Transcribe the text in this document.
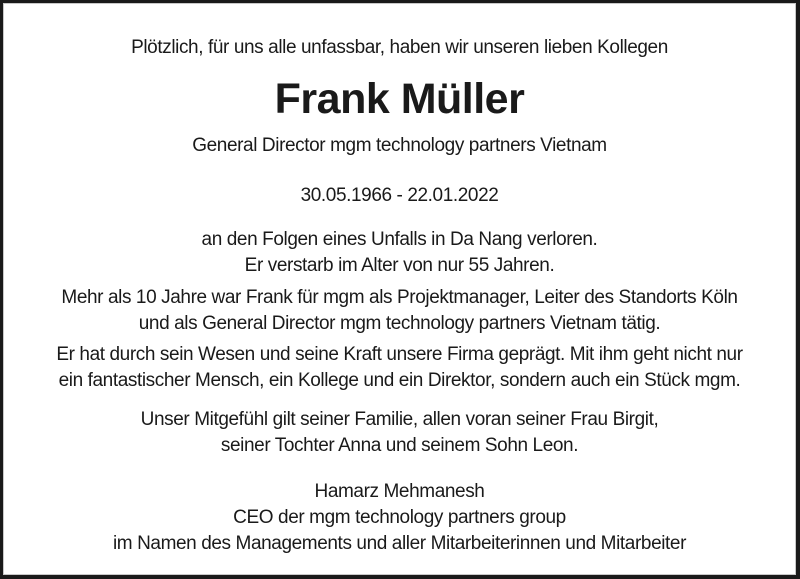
Plötzlich, für uns alle unfassbar, haben wir unseren lieben Kollegen
Frank Müller
General Director mgm technology partners Vietnam
30.05.1966 - 22.01.2022
an den Folgen eines Unfalls in Da Nang verloren.
Er verstarb im Alter von nur 55 Jahren.
Mehr als 10 Jahre war Frank für mgm als Projektmanager, Leiter des Standorts Köln
und als General Director mgm technology partners Vietnam tätig.
Er hat durch sein Wesen und seine Kraft unsere Firma geprägt. Mit ihm geht nicht nur
ein fantastischer Mensch, ein Kollege und ein Direktor, sondern auch ein Stück mgm.
Unser Mitgefühl gilt seiner Familie, allen voran seiner Frau Birgit,
seiner Tochter Anna und seinem Sohn Leon.
Hamarz Mehmanesh
CEO der mgm technology partners group
im Namen des Managements und aller Mitarbeiterinnen und Mitarbeiter
